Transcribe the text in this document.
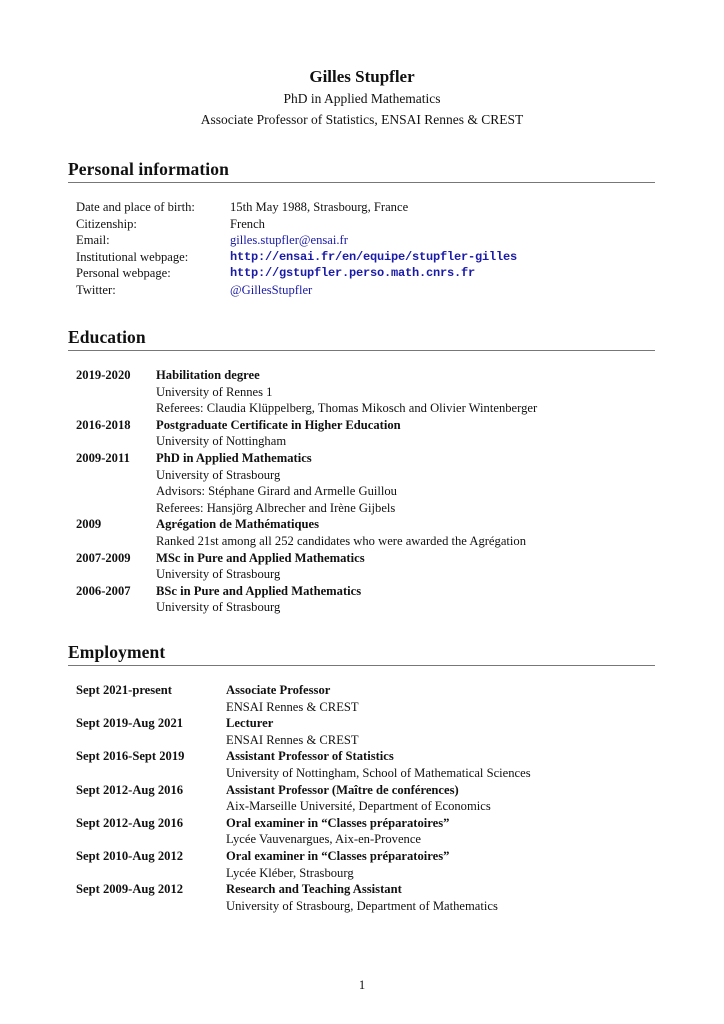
Gilles Stupfler
PhD in Applied Mathematics
Associate Professor of Statistics, ENSAI Rennes & CREST
Personal information
Date and place of birth:	15th May 1988, Strasbourg, France
Citizenship:	French
Email:	gilles.stupfler@ensai.fr
Institutional webpage:	http://ensai.fr/en/equipe/stupfler-gilles
Personal webpage:	http://gstupfler.perso.math.cnrs.fr
Twitter:	@GillesStupfler
Education
2019-2020	Habilitation degree
University of Rennes 1
Referees: Claudia Klüppelberg, Thomas Mikosch and Olivier Wintenberger
2016-2018	Postgraduate Certificate in Higher Education
University of Nottingham
2009-2011	PhD in Applied Mathematics
University of Strasbourg
Advisors: Stéphane Girard and Armelle Guillou
Referees: Hansjörg Albrecher and Irène Gijbels
2009	Agrégation de Mathématiques
Ranked 21st among all 252 candidates who were awarded the Agrégation
2007-2009	MSc in Pure and Applied Mathematics
University of Strasbourg
2006-2007	BSc in Pure and Applied Mathematics
University of Strasbourg
Employment
Sept 2021-present	Associate Professor
ENSAI Rennes & CREST
Sept 2019-Aug 2021	Lecturer
ENSAI Rennes & CREST
Sept 2016-Sept 2019	Assistant Professor of Statistics
University of Nottingham, School of Mathematical Sciences
Sept 2012-Aug 2016	Assistant Professor (Maître de conférences)
Aix-Marseille Université, Department of Economics
Sept 2012-Aug 2016	Oral examiner in “Classes préparatoires”
Lycée Vauvenargues, Aix-en-Provence
Sept 2010-Aug 2012	Oral examiner in “Classes préparatoires”
Lycée Kléber, Strasbourg
Sept 2009-Aug 2012	Research and Teaching Assistant
University of Strasbourg, Department of Mathematics
1
